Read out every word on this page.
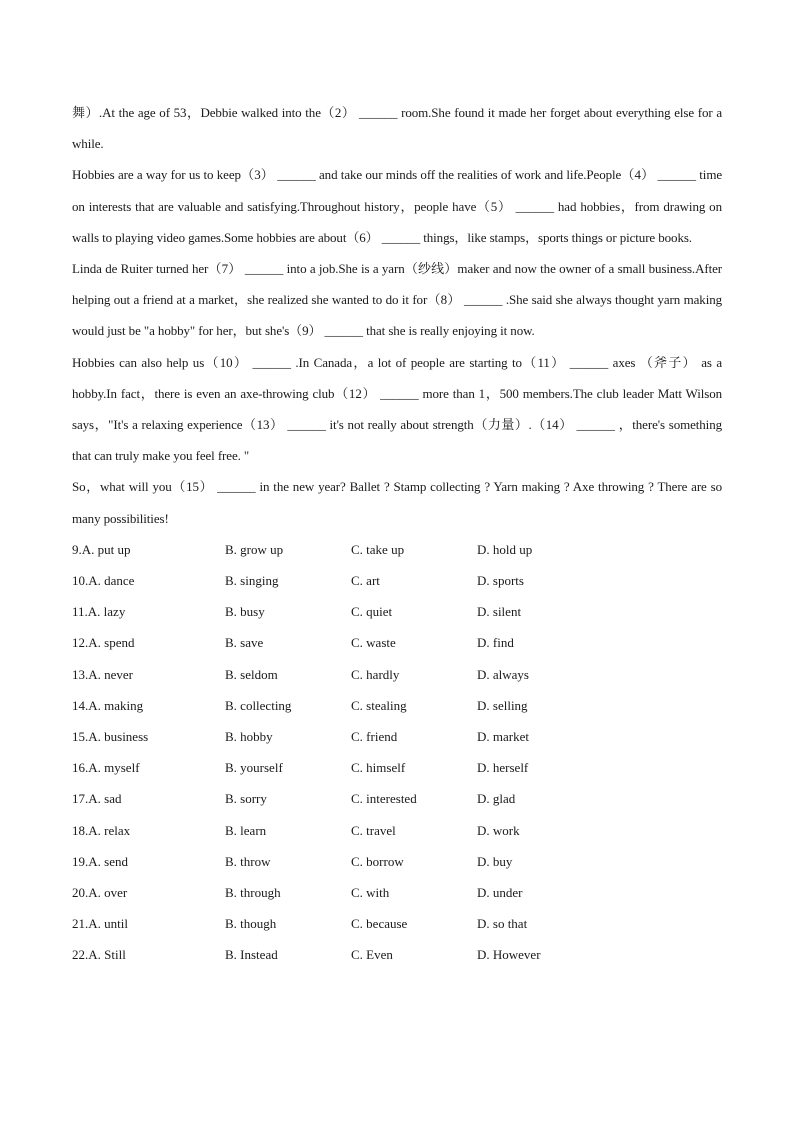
舞）.At the age of 53，Debbie walked into the（2） ______ room.She found it made her forget about everything else for a while.

Hobbies are a way for us to keep（3） ______ and take our minds off the realities of work and life.People（4） ______ time on interests that are valuable and satisfying.Throughout history，people have（5） ______ had hobbies，from drawing on walls to playing video games.Some hobbies are about（6） ______ things，like stamps，sports things or picture books.

Linda de Ruiter turned her（7） ______ into a job.She is a yarn（纱线）maker and now the owner of a small business.After helping out a friend at a market，she realized she wanted to do it for（8） ______ .She said she always thought yarn making would just be "a hobby" for her，but she's（9） ______ that she is really enjoying it now.

Hobbies can also help us（10） ______ .In Canada，a lot of people are starting to（11） ______ axes （斧子） as a hobby.In fact，there is even an axe-throwing club（12） ______ more than 1，500 members.The club leader Matt Wilson says，"It's a relaxing experience（13） ______ it's not really about strength（力量）.（14） ______ ，there's something that can truly make you feel free. "

So，what will you（15） ______ in the new year? Ballet ? Stamp collecting ? Yarn making ? Axe throwing ? There are so many possibilities!

9.A. put up	B. grow up	C. take up	D. hold up
10.A. dance	B. singing	C. art	D. sports
11.A. lazy	B. busy	C. quiet	D. silent
12.A. spend	B. save	C. waste	D. find
13.A. never	B. seldom	C. hardly	D. always
14.A. making	B. collecting	C. stealing	D. selling
15.A. business	B. hobby	C. friend	D. market
16.A. myself	B. yourself	C. himself	D. herself
17.A. sad	B. sorry	C. interested	D. glad
18.A. relax	B. learn	C. travel	D. work
19.A. send	B. throw	C. borrow	D. buy
20.A. over	B. through	C. with	D. under
21.A. until	B. though	C. because	D. so that
22.A. Still	B. Instead	C. Even	D. However
